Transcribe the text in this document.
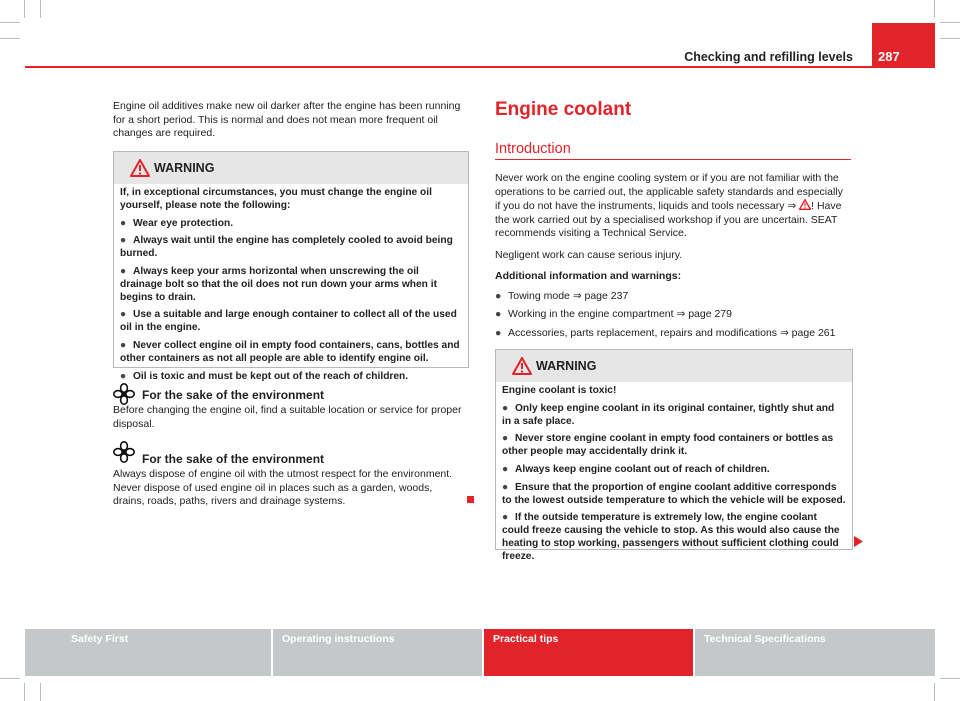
Checking and refilling levels 287

Engine oil additives make new oil darker after the engine has been running for a short period. This is normal and does not mean more frequent oil changes are required.

WARNING

If, in exceptional circumstances, you must change the engine oil yourself, please note the following:

● Wear eye protection.

● Always wait until the engine has completely cooled to avoid being burned.

● Always keep your arms horizontal when unscrewing the oil drainage bolt so that the oil does not run down your arms when it begins to drain.

● Use a suitable and large enough container to collect all of the used oil in the engine.

● Never collect engine oil in empty food containers, cans, bottles and other containers as not all people are able to identify engine oil.

● Oil is toxic and must be kept out of the reach of children.

For the sake of the environment

Before changing the engine oil, find a suitable location or service for proper disposal.

For the sake of the environment

Always dispose of engine oil with the utmost respect for the environment. Never dispose of used engine oil in places such as a garden, woods, drains, roads, paths, rivers and drainage systems.

Engine coolant
Introduction

Never work on the engine cooling system or if you are not familiar with the operations to be carried out, the applicable safety standards and especially if you do not have the instruments, liquids and tools necessary ⇒ ! Have the work carried out by a specialised workshop if you are uncertain. SEAT recommends visiting a Technical Service.

Negligent work can cause serious injury.

Additional information and warnings:

● Towing mode ⇒ page 237

● Working in the engine compartment ⇒ page 279

● Accessories, parts replacement, repairs and modifications ⇒ page 261

WARNING

Engine coolant is toxic!

● Only keep engine coolant in its original container, tightly shut and in a safe place.

● Never store engine coolant in empty food containers or bottles as other people may accidentally drink it.

● Always keep engine coolant out of reach of children.

● Ensure that the proportion of engine coolant additive corresponds to the lowest outside temperature to which the vehicle will be exposed.

● If the outside temperature is extremely low, the engine coolant could freeze causing the vehicle to stop. As this would also cause the heating to stop working, passengers without sufficient clothing could freeze.

Safety First	Operating instructions	Practical tips	Technical Specifications
